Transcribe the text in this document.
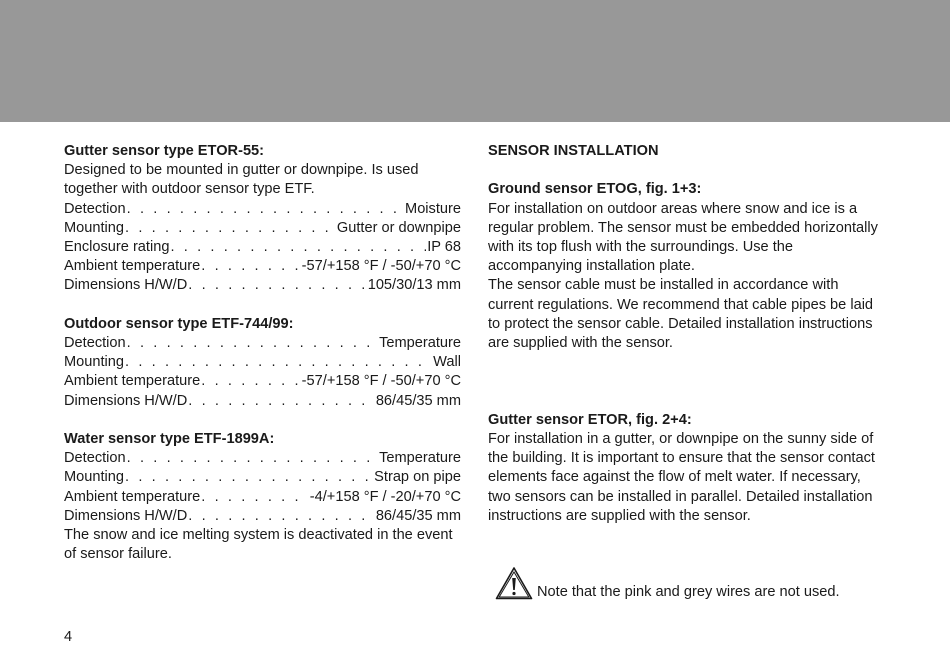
Gutter sensor type ETOR-55:

Designed to be mounted in gutter or downpipe. Is used together with outdoor sensor type ETF.

Detection . . .	Moisture
Mounting . . .	Gutter or downpipe
Enclosure rating . . .	IP 68
Ambient temperature . . .	-57/+158 °F / -50/+70 °C
Dimensions H/W/D . . .	105/30/13 mm
Outdoor sensor type ETF-744/99:
Detection . . .	Temperature
Mounting . . .	Wall
Ambient temperature . . .	-57/+158 °F / -50/+70 °C
Dimensions H/W/D . . .	86/45/35 mm
Water sensor type ETF-1899A:
Detection . . .	Temperature
Mounting . . .	Strap on pipe
Ambient temperature . . .	-4/+158 °F / -20/+70 °C
Dimensions H/W/D . . .	86/45/35 mm

The snow and ice melting system is deactivated in the event of sensor failure.

SENSOR INSTALLATION
Ground sensor ETOG, fig. 1+3:

For installation on outdoor areas where snow and ice is a regular problem. The sensor must be embedded horizontally with its top flush with the surroundings. Use the accompanying installation plate.

The sensor cable must be installed in accordance with current regulations. We recommend that cable pipes be laid to protect the sensor cable. Detailed installation instructions are supplied with the sensor.

Gutter sensor ETOR, fig. 2+4:

For installation in a gutter, or downpipe on the sunny side of the building. It is important to ensure that the sensor contact elements face against the flow of melt water. If necessary, two sensors can be installed in parallel. Detailed installation instructions are supplied with the sensor.

Note that the pink and grey wires are not used.
4
